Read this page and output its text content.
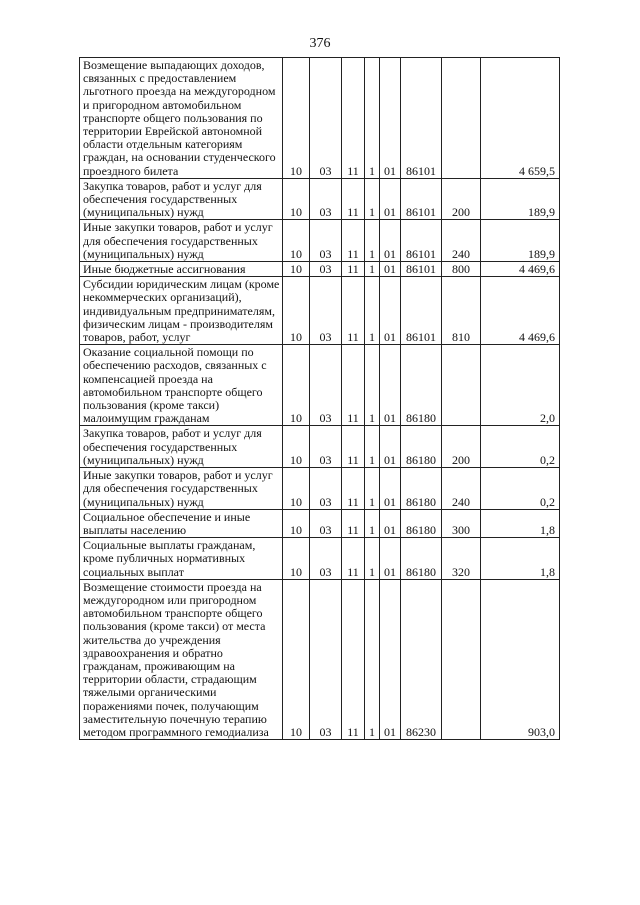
376
Возмещение выпадающих доходов, связанных с предоставлением льготного проезда на междугородном и пригородном автомобильном транспорте общего пользования по территории Еврейской автономной области отдельным категориям граждан, на основании студенческого проездного билета	10	03	11	1	01	86101		4 659,5
Закупка товаров, работ и услуг для обеспечения государственных (муниципальных) нужд	10	03	11	1	01	86101	200	189,9
Иные закупки товаров, работ и услуг для обеспечения государственных (муниципальных) нужд	10	03	11	1	01	86101	240	189,9
Иные бюджетные ассигнования	10	03	11	1	01	86101	800	4 469,6
Субсидии юридическим лицам (кроме некоммерческих организаций), индивидуальным предпринимателям, физическим лицам - производителям товаров, работ, услуг	10	03	11	1	01	86101	810	4 469,6
Оказание социальной помощи по обеспечению расходов, связанных с компенсацией проезда на автомобильном транспорте общего пользования (кроме такси) малоимущим гражданам	10	03	11	1	01	86180		2,0
Закупка товаров, работ и услуг для обеспечения государственных (муниципальных) нужд	10	03	11	1	01	86180	200	0,2
Иные закупки товаров, работ и услуг для обеспечения государственных (муниципальных) нужд	10	03	11	1	01	86180	240	0,2
Социальное обеспечение и иные выплаты населению	10	03	11	1	01	86180	300	1,8
Социальные выплаты гражданам, кроме публичных нормативных социальных выплат	10	03	11	1	01	86180	320	1,8
Возмещение стоимости проезда на междугородном или пригородном автомобильном транспорте общего пользования (кроме такси) от места жительства до учреждения здравоохранения и обратно гражданам, проживающим на территории области, страдающим тяжелыми органическими поражениями почек, получающим заместительную почечную терапию методом программного гемодиализа	10	03	11	1	01	86230		903,0
